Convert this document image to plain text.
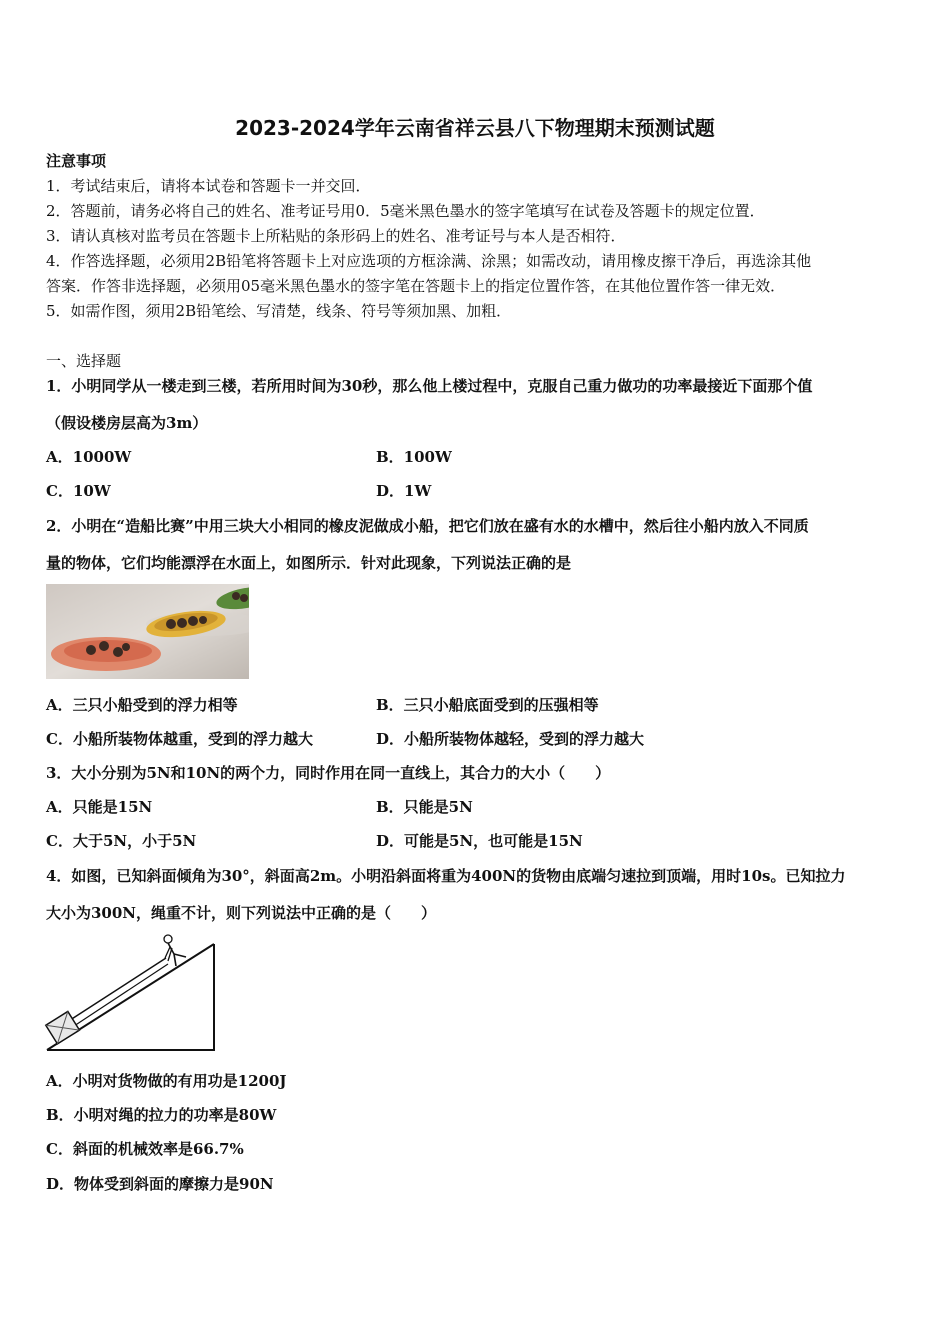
2023-2024学年云南省祥云县八下物理期末预测试题
注意事项
1．考试结束后，请将本试卷和答题卡一并交回．
2．答题前，请务必将自己的姓名、准考证号用0．5毫米黑色墨水的签字笔填写在试卷及答题卡的规定位置．
3．请认真核对监考员在答题卡上所粘贴的条形码上的姓名、准考证号与本人是否相符．
4．作答选择题，必须用2B铅笔将答题卡上对应选项的方框涂满、涂黑；如需改动，请用橡皮擦干净后，再选涂其他
答案．作答非选择题，必须用05毫米黑色墨水的签字笔在答题卡上的指定位置作答，在其他位置作答一律无效．
5．如需作图，须用2B铅笔绘、写清楚，线条、符号等须加黑、加粗．
一、选择题
1．小明同学从一楼走到三楼，若所用时间为30秒，那么他上楼过程中，克服自己重力做功的功率最接近下面那个值
（假设楼房层高为3m）
A．1000W	B．100W
C．10W	D．1W
2．小明在“造船比赛”中用三块大小相同的橡皮泥做成小船，把它们放在盛有水的水槽中，然后往小船内放入不同质
量的物体，它们均能漂浮在水面上，如图所示．针对此现象，下列说法正确的是
A．三只小船受到的浮力相等	B．三只小船底面受到的压强相等
C．小船所装物体越重，受到的浮力越大	D．小船所装物体越轻，受到的浮力越大
3．大小分别为5N和10N的两个力，同时作用在同一直线上，其合力的大小（　　）
A．只能是15N	B．只能是5N
C．大于5N，小于5N	D．可能是5N，也可能是15N
4．如图，已知斜面倾角为30°，斜面高2m。小明沿斜面将重为400N的货物由底端匀速拉到顶端，用时10s。已知拉力
大小为300N，绳重不计，则下列说法中正确的是（　　）
A．小明对货物做的有用功是1200J
B．小明对绳的拉力的功率是80W
C．斜面的机械效率是66.7%
D．物体受到斜面的摩擦力是90N
